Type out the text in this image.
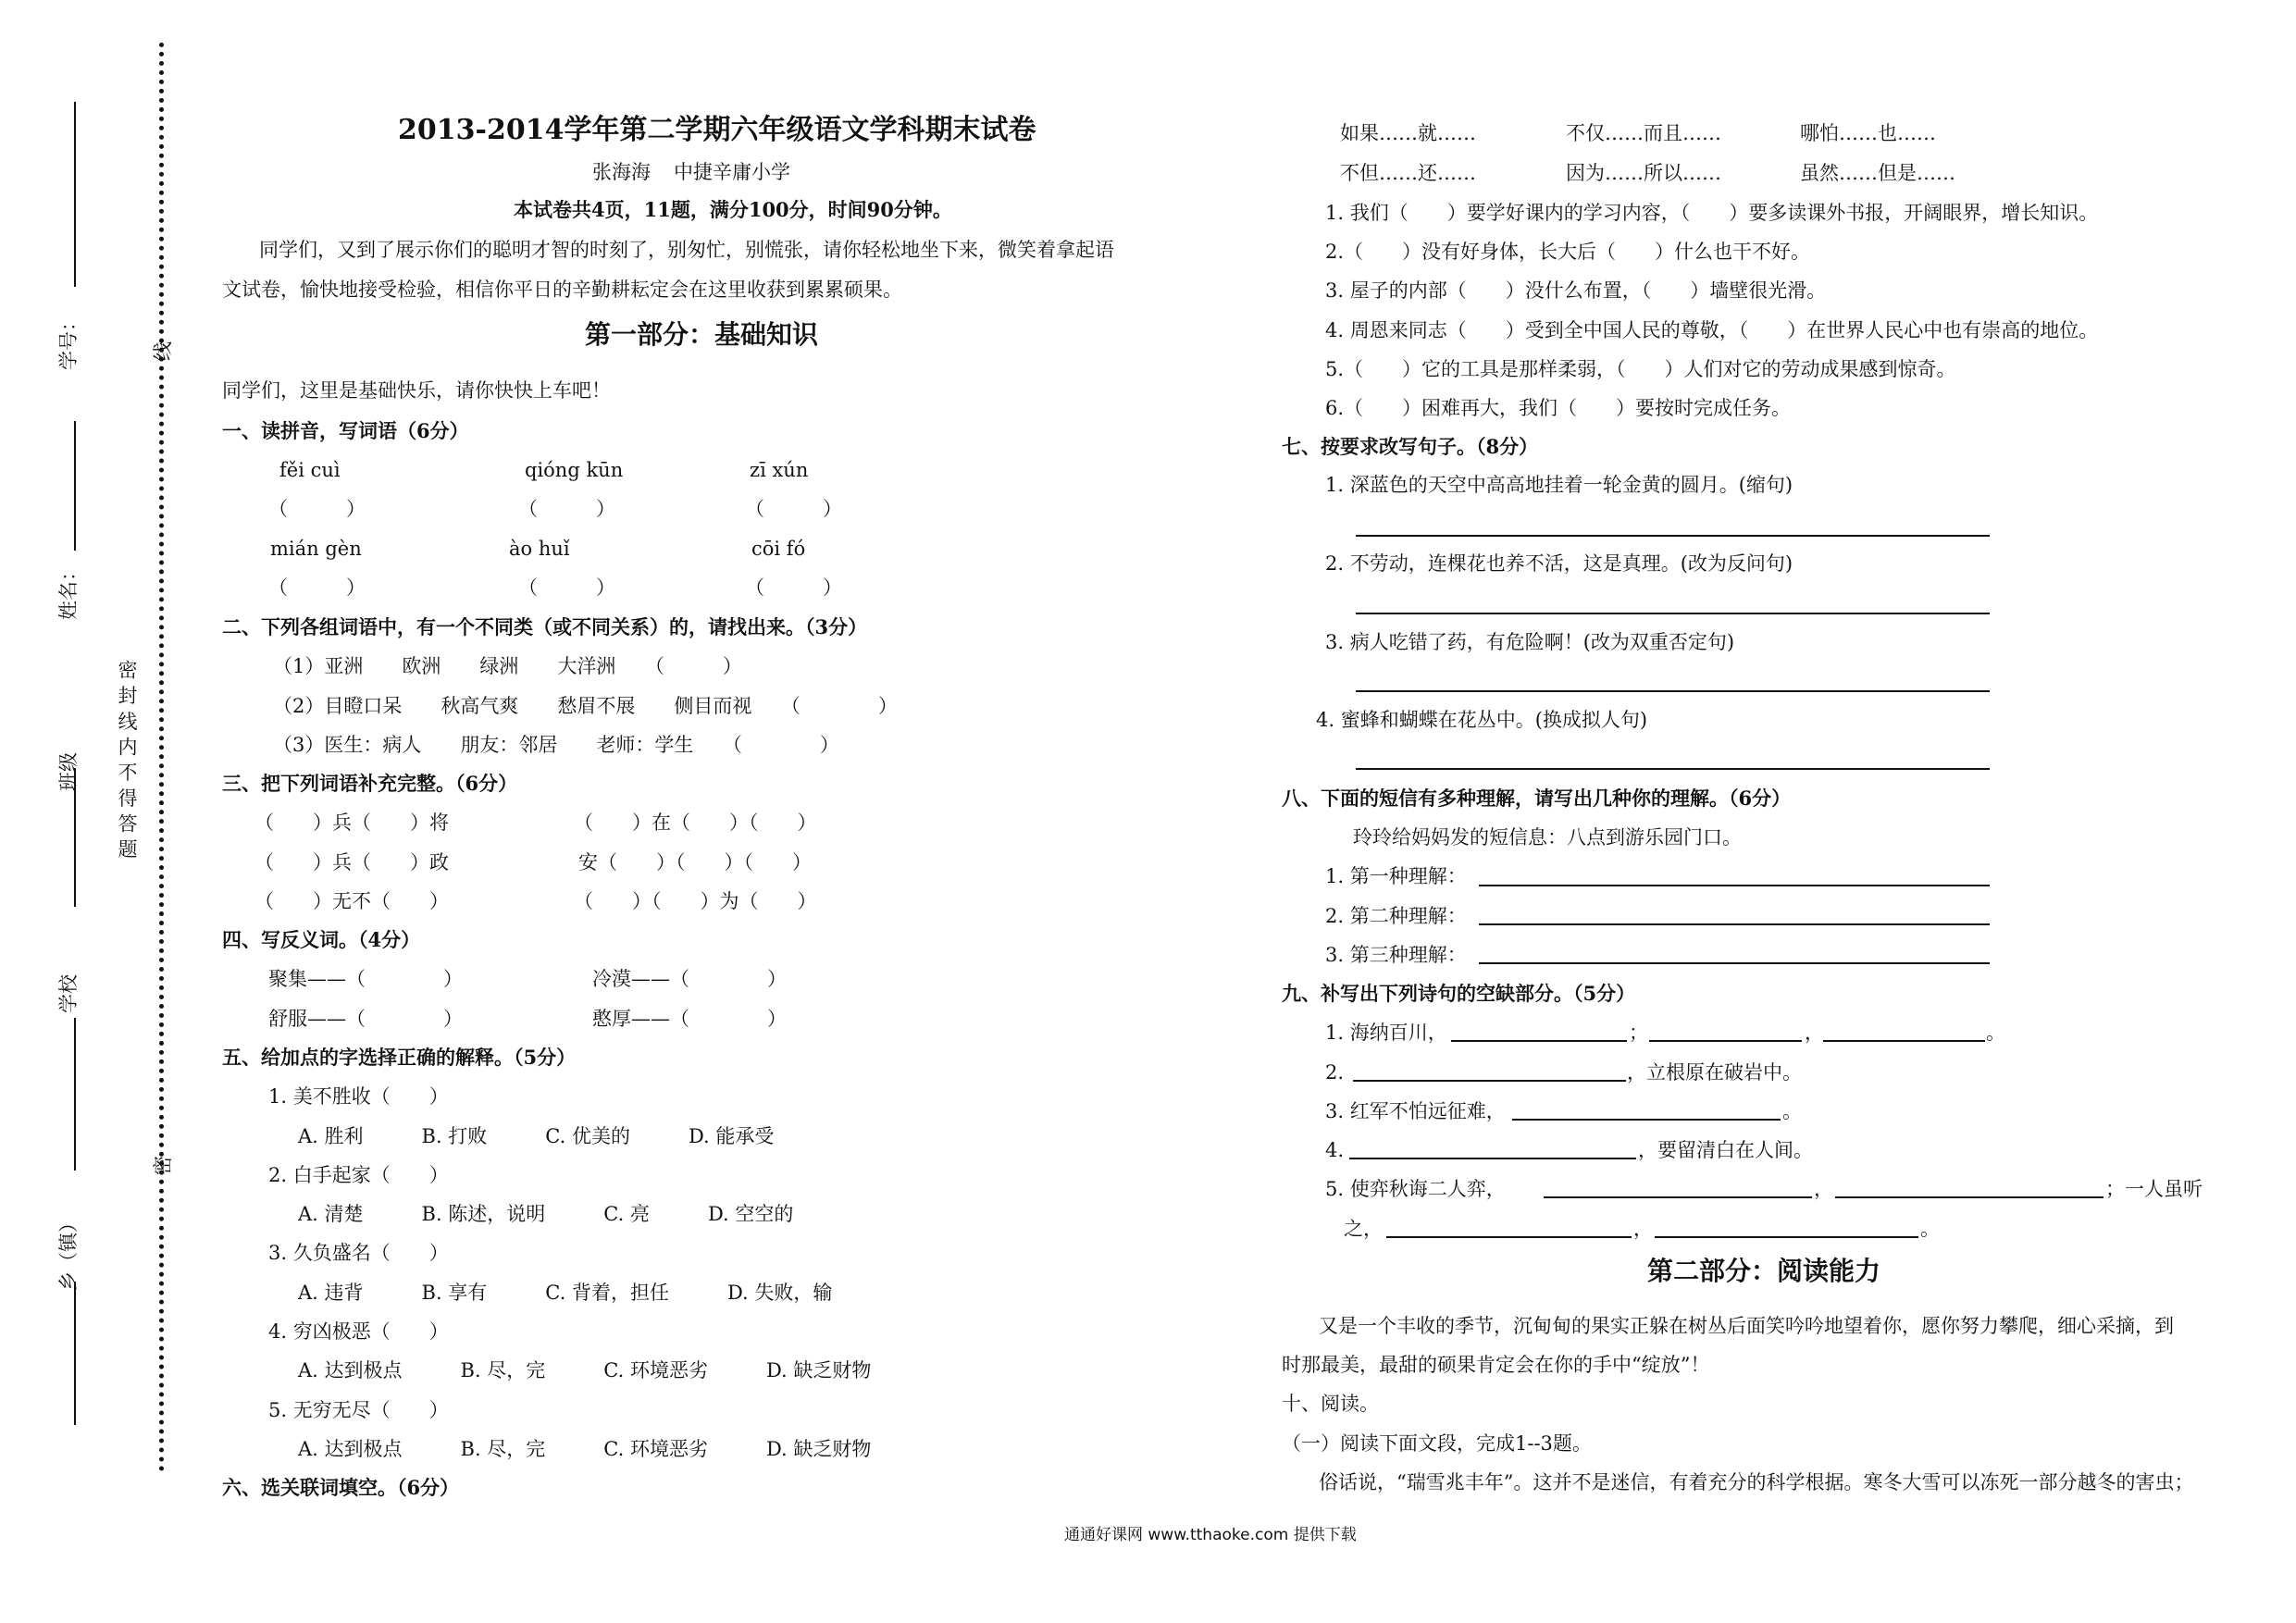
学号：
姓名：
班级
学校
乡（镇）
线
密
密 封 线 内 不 得 答 题
2013-2014学年第二学期六年级语文学科期末试卷
张海海 中捷辛庸小学
本试卷共4页，11题，满分100分，时间90分钟。
同学们，又到了展示你们的聪明才智的时刻了，别匆忙，别慌张，请你轻松地坐下来，微笑着拿起语
文试卷，愉快地接受检验，相信你平日的辛勤耕耘定会在这里收获到累累硕果。
第一部分：基础知识
同学们，这里是基础快乐，请你快快上车吧！
一、读拼音，写词语（6分）
fěi cuì	qióng kūn	zī xún
（　　　）	（　　　）	（　　　）
mián gèn	ào huǐ	cōi fó
（　　　）	（　　　）	（　　　）
二、下列各组词语中，有一个不同类（或不同关系）的，请找出来。（3分）
（1）亚洲　　欧洲　　绿洲　　大洋洲　　（　　　）
（2）目瞪口呆　　秋高气爽　　愁眉不展　　侧目而视　　（　　　　）
（3）医生：病人　　朋友：邻居　　老师：学生　　（　　　　）
三、把下列词语补充完整。（6分）
（　　）兵（　　）将	（　　）在（　　）（　　）
（　　）兵（　　）政	安（　　）（　　）（　　）
（　　）无不（　　）	（　　）（　　）为（　　）
四、写反义词。（4分）
聚集——（　　　　）	冷漠——（　　　　）
舒服——（　　　　）	憨厚——（　　　　）
五、给加点的字选择正确的解释。（5分）
1. 美不胜收（　　）
A. 胜利　　　B. 打败　　　C. 优美的　　　D. 能承受
2. 白手起家（　　）
A. 清楚　　　B. 陈述，说明　　　C. 亮　　　D. 空空的
3. 久负盛名（　　）
A. 违背　　　B. 享有　　　C. 背着，担任　　　D. 失败，输
4. 穷凶极恶（　　）
A. 达到极点　　　B. 尽，完　　　C. 环境恶劣　　　D. 缺乏财物
5. 无穷无尽（　　）
A. 达到极点　　　B. 尽，完　　　C. 环境恶劣　　　D. 缺乏财物
六、选关联词填空。（6分）
如果……就……	不仅……而且……	哪怕……也……
不但……还……	因为……所以……	虽然……但是……
1. 我们（　　）要学好课内的学习内容，（　　）要多读课外书报，开阔眼界，增长知识。
2.（　　）没有好身体，长大后（　　）什么也干不好。
3. 屋子的内部（　　）没什么布置，（　　）墙壁很光滑。
4. 周恩来同志（　　）受到全中国人民的尊敬，（　　）在世界人民心中也有崇高的地位。
5.（　　）它的工具是那样柔弱，（　　）人们对它的劳动成果感到惊奇。
6.（　　）困难再大，我们（　　）要按时完成任务。
七、按要求改写句子。（8分）
1. 深蓝色的天空中高高地挂着一轮金黄的圆月。(缩句)
2. 不劳动，连棵花也养不活，这是真理。(改为反问句)
3. 病人吃错了药，有危险啊！(改为双重否定句)
4. 蜜蜂和蝴蝶在花丛中。(换成拟人句)
八、下面的短信有多种理解，请写出几种你的理解。（6分）
玲玲给妈妈发的短信息：八点到游乐园门口。
1. 第一种理解：
2. 第二种理解：
3. 第三种理解：
九、补写出下列诗句的空缺部分。（5分）
1. 海纳百川，	；	，	。
2.	，立根原在破岩中。
3. 红军不怕远征难，	。
4.	，要留清白在人间。
5. 使弈秋诲二人弈，	，	；一人虽听
之，	，	。
第二部分：阅读能力
又是一个丰收的季节，沉甸甸的果实正躲在树丛后面笑吟吟地望着你，愿你努力攀爬，细心采摘，到
时那最美，最甜的硕果肯定会在你的手中“绽放”！
十、阅读。
（一）阅读下面文段，完成1--3题。
俗话说，“瑞雪兆丰年”。这并不是迷信，有着充分的科学根据。寒冬大雪可以冻死一部分越冬的害虫；
通通好课网 www.tthaoke.com 提供下载
